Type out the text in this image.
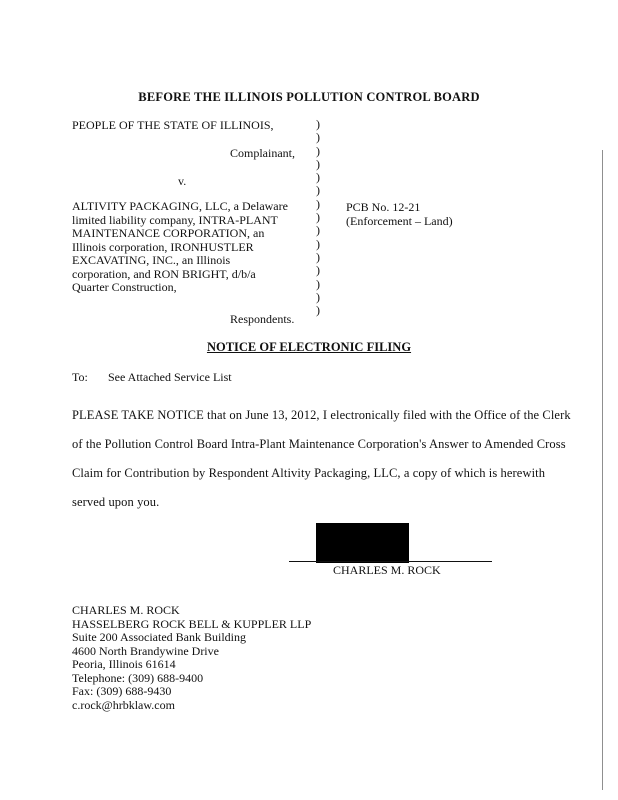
BEFORE THE ILLINOIS POLLUTION CONTROL BOARD
PEOPLE OF THE STATE OF ILLINOIS,
Complainant,
v.
ALTIVITY PACKAGING, LLC, a Delaware
limited liability company, INTRA-PLANT
MAINTENANCE CORPORATION, an
Illinois corporation, IRONHUSTLER
EXCAVATING, INC., an Illinois
corporation, and RON BRIGHT, d/b/a
Quarter Construction,
Respondents.
)
)
)
)
)
)
)
)
)
)
)
)
)
)
)
PCB No. 12-21
(Enforcement – Land)
NOTICE OF ELECTRONIC FILING
To: See Attached Service List
PLEASE TAKE NOTICE that on June 13, 2012, I electronically filed with the Office of the Clerk
of the Pollution Control Board Intra-Plant Maintenance Corporation's Answer to Amended Cross
Claim for Contribution by Respondent Altivity Packaging, LLC, a copy of which is herewith
served upon you.
CHARLES M. ROCK
CHARLES M. ROCK
HASSELBERG ROCK BELL & KUPPLER LLP
Suite 200 Associated Bank Building
4600 North Brandywine Drive
Peoria, Illinois 61614
Telephone: (309) 688-9400
Fax: (309) 688-9430
c.rock@hrbklaw.com
